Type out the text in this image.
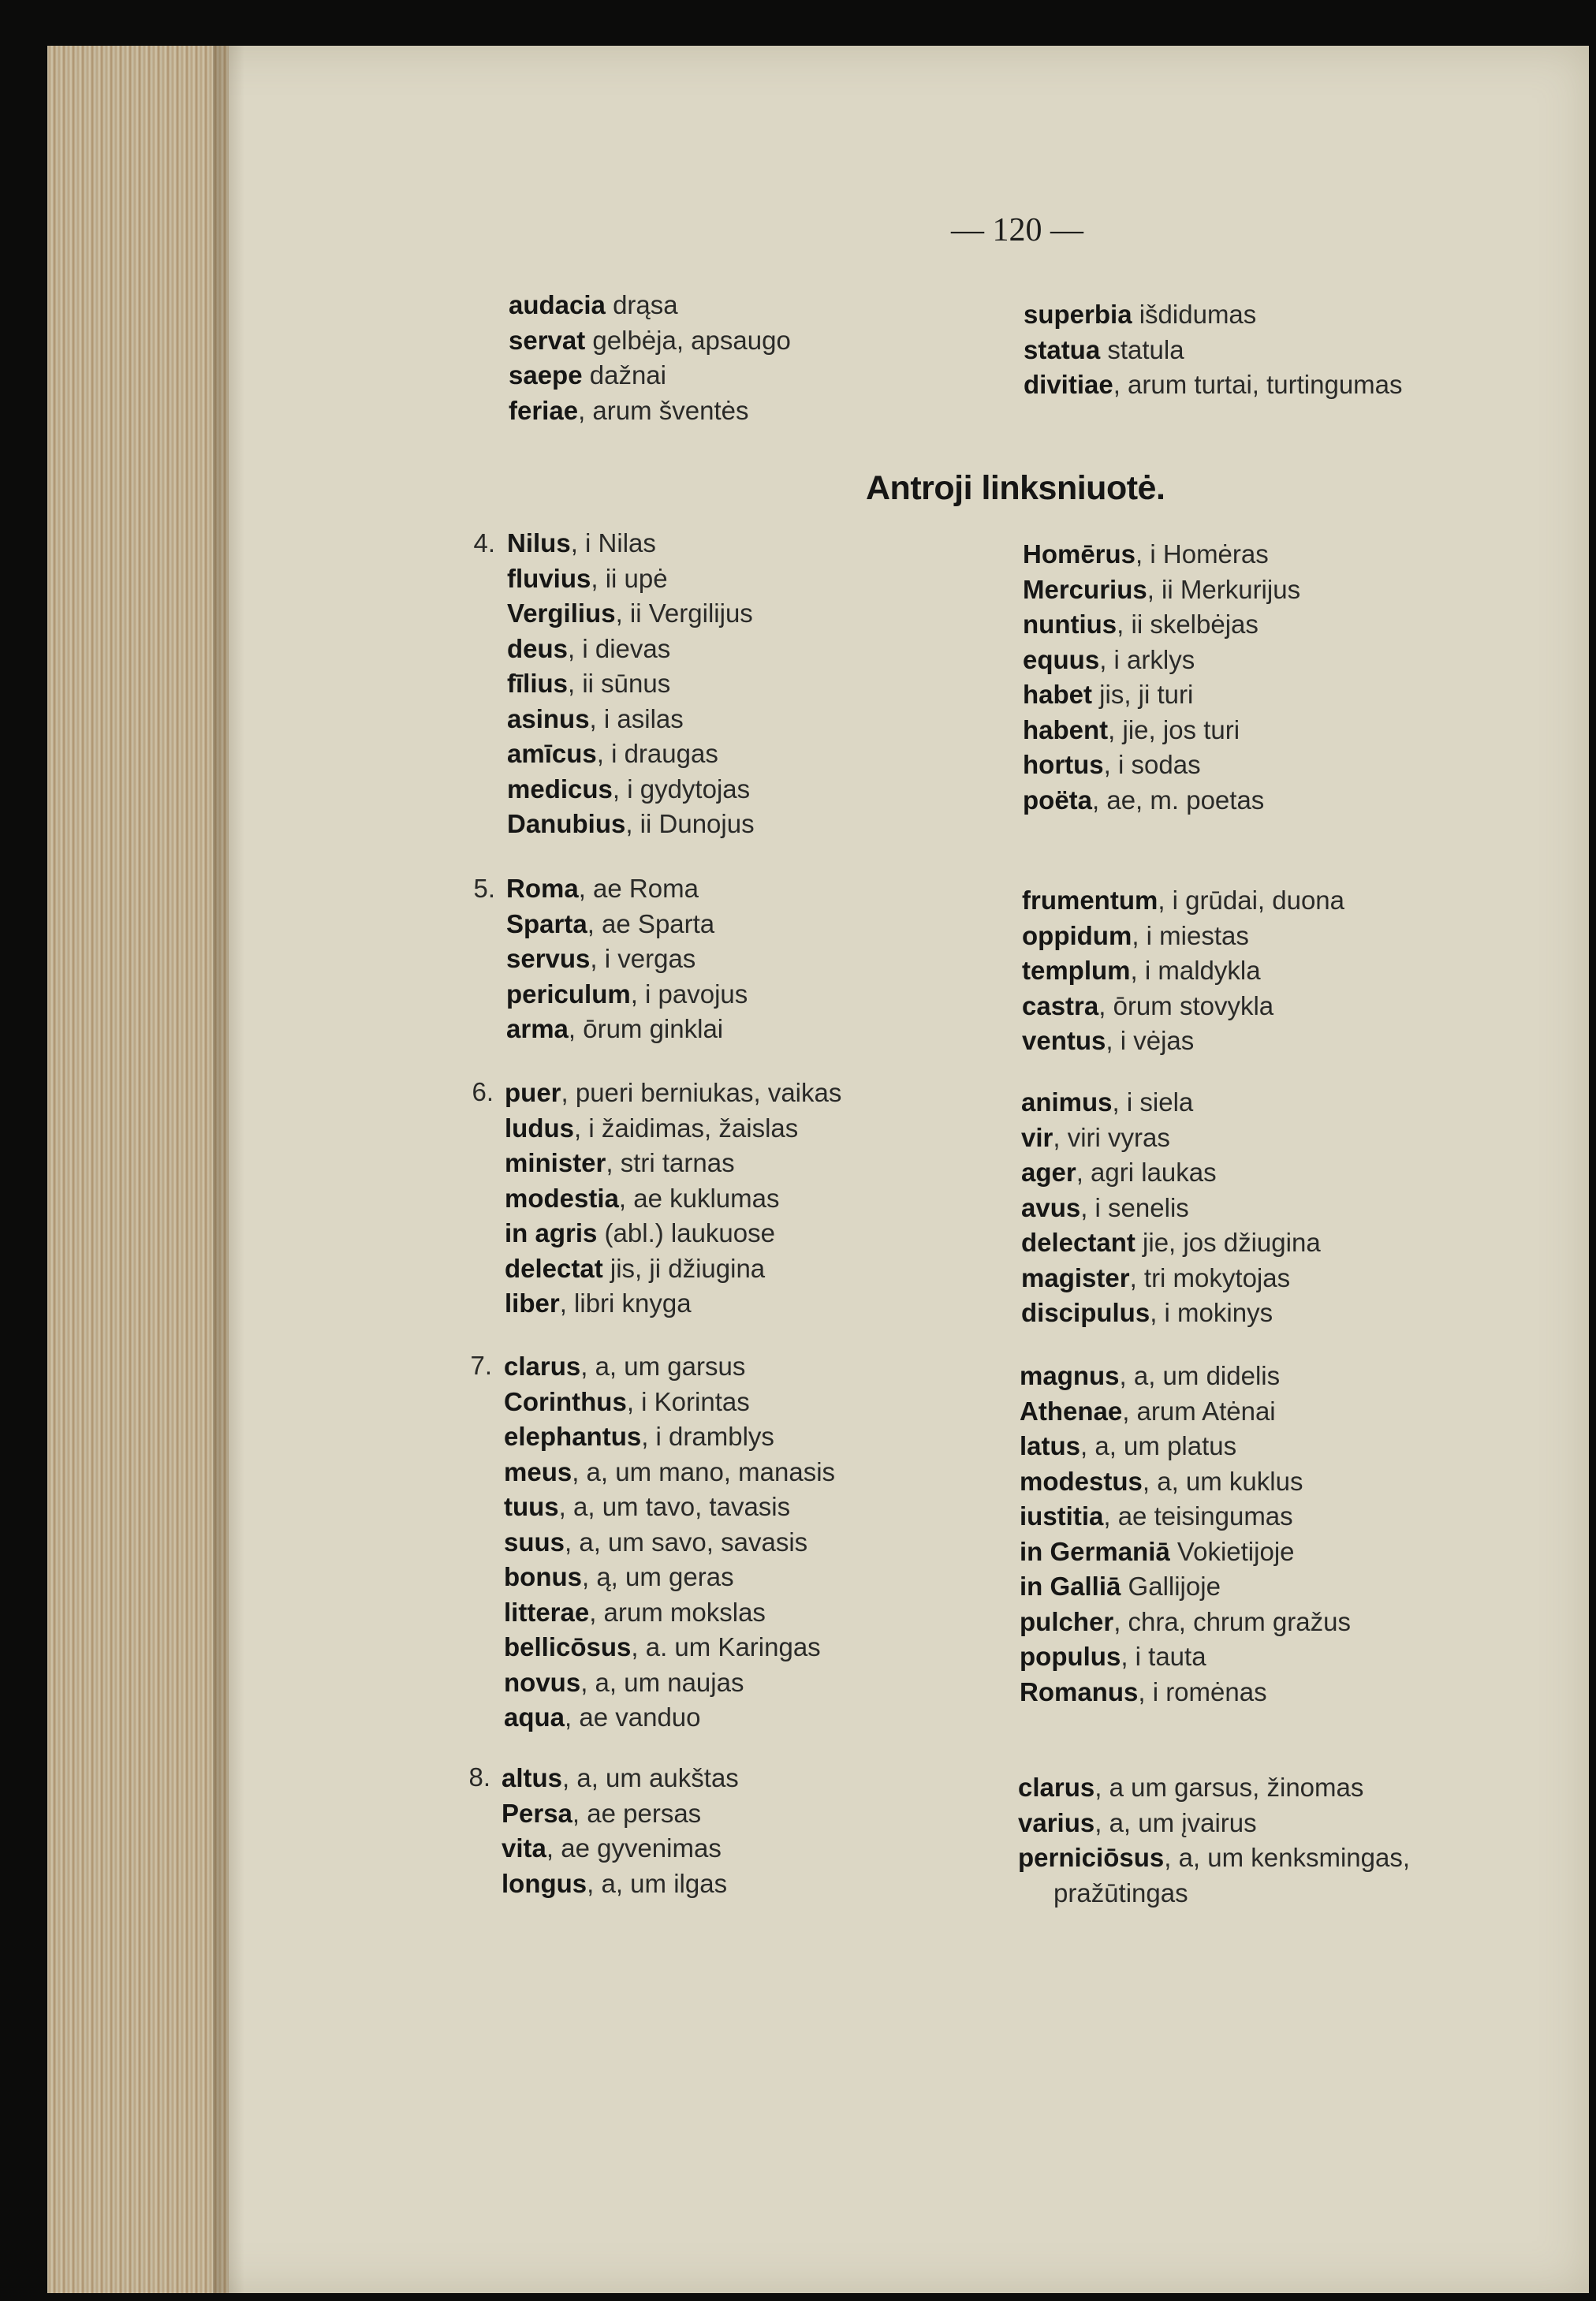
— 120 —
audacia drąsa
servat gelbėja, apsaugo
saepe dažnai
feriae, arum šventės
superbia išdidumas
statua statula
divitiae, arum turtai, turtingumas
Antroji linksniuotė.
4. Nilus, i Nilas
fluvius, ii upė
Vergilius, ii Vergilijus
deus, i dievas
fīlius, ii sūnus
asinus, i asilas
amīcus, i draugas
medicus, i gydytojas
Danubius, ii Dunojus
Homērus, i Homėras
Mercurius, ii Merkurijus
nuntius, ii skelbėjas
equus, i arklys
habet jis, ji turi
habent, jie, jos turi
hortus, i sodas
poëta, ae, m. poetas
5. Roma, ae Roma
Sparta, ae Sparta
servus, i vergas
periculum, i pavojus
arma, ōrum ginklai
frumentum, i grūdai, duona
oppidum, i miestas
templum, i maldykla
castra, ōrum stovykla
ventus, i vėjas
6. puer, pueri berniukas, vaikas
ludus, i žaidimas, žaislas
minister, stri tarnas
modestia, ae kuklumas
in agris (abl.) laukuose
delectat jis, ji džiugina
liber, libri knyga
animus, i siela
vir, viri vyras
ager, agri laukas
avus, i senelis
delectant jie, jos džiugina
magister, tri mokytojas
discipulus, i mokinys
7. clarus, a, um garsus
Corinthus, i Korintas
elephantus, i dramblys
meus, a, um mano, manasis
tuus, a, um tavo, tavasis
suus, a, um savo, savasis
bonus, ą, um geras
litterae, arum mokslas
bellicōsus, a. um Karingas
novus, a, um naujas
aqua, ae vanduo
magnus, a, um didelis
Athenae, arum Atėnai
latus, a, um platus
modestus, a, um kuklus
iustitia, ae teisingumas
in Germaniā Vokietijoje
in Galliā Gallijoje
pulcher, chra, chrum gražus
populus, i tauta
Romanus, i romėnas
8. altus, a, um aukštas
Persa, ae persas
vita, ae gyvenimas
longus, a, um ilgas
clarus, a um garsus, žinomas
varius, a, um įvairus
perniciōsus, a, um kenksmingas,
pražūtingas
